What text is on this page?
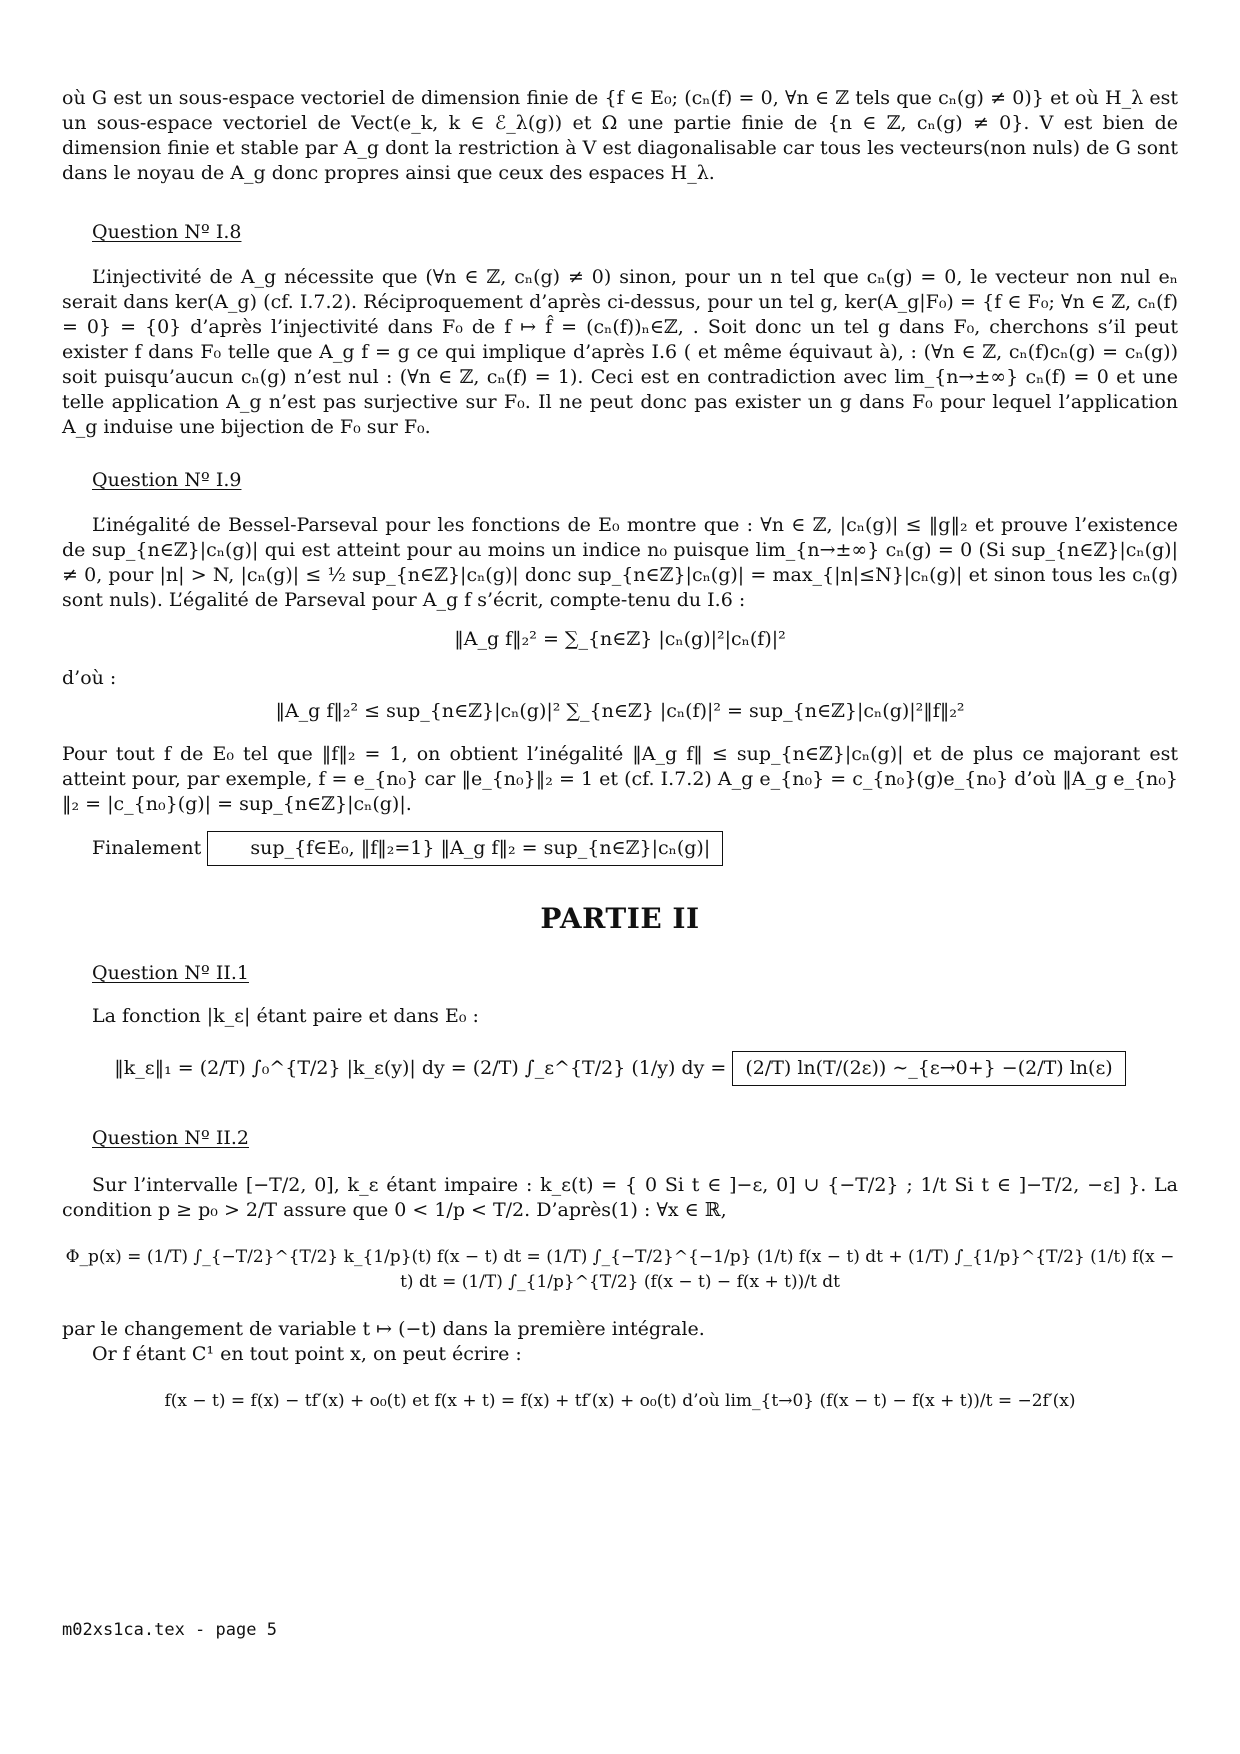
où G est un sous-espace vectoriel de dimension finie de {f ∈ E₀; (cₙ(f) = 0, ∀n ∈ ℤ tels que cₙ(g) ≠ 0)} et où H_λ est un sous-espace vectoriel de Vect(e_k, k ∈ ℰ_λ(g)) et Ω une partie finie de {n ∈ ℤ, cₙ(g) ≠ 0}. V est bien de dimension finie et stable par A_g dont la restriction à V est diagonalisable car tous les vecteurs(non nuls) de G sont dans le noyau de A_g donc propres ainsi que ceux des espaces H_λ.

Question Nº I.8

L’injectivité de A_g nécessite que (∀n ∈ ℤ, cₙ(g) ≠ 0) sinon, pour un n tel que cₙ(g) = 0, le vecteur non nul eₙ serait dans ker(A_g) (cf. I.7.2). Réciproquement d’après ci-dessus, pour un tel g, ker(A_g|F₀) = {f ∈ F₀; ∀n ∈ ℤ, cₙ(f) = 0} = {0} d’après l’injectivité dans F₀ de f ↦ f̂ = (cₙ(f))ₙ∈ℤ, . Soit donc un tel g dans F₀, cherchons s’il peut exister f dans F₀ telle que A_g f = g ce qui implique d’après I.6 ( et même équivaut à), : (∀n ∈ ℤ, cₙ(f)cₙ(g) = cₙ(g)) soit puisqu’aucun cₙ(g) n’est nul : (∀n ∈ ℤ, cₙ(f) = 1). Ceci est en contradiction avec lim_{n→±∞} cₙ(f) = 0 et une telle application A_g n’est pas surjective sur F₀. Il ne peut donc pas exister un g dans F₀ pour lequel l’application A_g induise une bijection de F₀ sur F₀.

Question Nº I.9

L’inégalité de Bessel-Parseval pour les fonctions de E₀ montre que : ∀n ∈ ℤ, |cₙ(g)| ≤ ‖g‖₂ et prouve l’existence de sup_{n∈ℤ}|cₙ(g)| qui est atteint pour au moins un indice n₀ puisque lim_{n→±∞} cₙ(g) = 0 (Si sup_{n∈ℤ}|cₙ(g)| ≠ 0, pour |n| > N, |cₙ(g)| ≤ ½ sup_{n∈ℤ}|cₙ(g)| donc sup_{n∈ℤ}|cₙ(g)| = max_{|n|≤N}|cₙ(g)| et sinon tous les cₙ(g) sont nuls). L’égalité de Parseval pour A_g f s’écrit, compte-tenu du I.6 :

‖A_g f‖₂² = ∑_{n∈ℤ} |cₙ(g)|²|cₙ(f)|²

d’où :

‖A_g f‖₂² ≤ sup_{n∈ℤ}|cₙ(g)|² ∑_{n∈ℤ} |cₙ(f)|² = sup_{n∈ℤ}|cₙ(g)|²‖f‖₂²

Pour tout f de E₀ tel que ‖f‖₂ = 1, on obtient l’inégalité ‖A_g f‖ ≤ sup_{n∈ℤ}|cₙ(g)| et de plus ce majorant est atteint pour, par exemple, f = e_{n₀} car ‖e_{n₀}‖₂ = 1 et (cf. I.7.2) A_g e_{n₀} = c_{n₀}(g)e_{n₀} d’où ‖A_g e_{n₀}‖₂ = |c_{n₀}(g)| = sup_{n∈ℤ}|cₙ(g)|.

Finalement	sup_{f∈E₀, ‖f‖₂=1} ‖A_g f‖₂ = sup_{n∈ℤ}|cₙ(g)|

PARTIE II

Question Nº II.1

La fonction |k_ε| étant paire et dans E₀ :

‖k_ε‖₁ = (2/T) ∫₀^{T/2} |k_ε(y)| dy = (2/T) ∫_ε^{T/2} (1/y) dy = (2/T) ln(T/(2ε)) ∼_{ε→0+} −(2/T) ln(ε)

Question Nº II.2

Sur l’intervalle [−T/2, 0], k_ε étant impaire : k_ε(t) = { 0 Si t ∈ ]−ε, 0] ∪ {−T/2} ; 1/t Si t ∈ ]−T/2, −ε] }. La condition p ≥ p₀ > 2/T assure que 0 < 1/p < T/2. D’après(1) : ∀x ∈ ℝ,

Φ_p(x) = (1/T) ∫_{−T/2}^{T/2} k_{1/p}(t) f(x − t) dt = (1/T) ∫_{−T/2}^{−1/p} (1/t) f(x − t) dt + (1/T) ∫_{1/p}^{T/2} (1/t) f(x − t) dt = (1/T) ∫_{1/p}^{T/2} (f(x − t) − f(x + t))/t dt

par le changement de variable t ↦ (−t) dans la première intégrale.

Or f étant C¹ en tout point x, on peut écrire :

f(x − t) = f(x) − tf′(x) + o₀(t) et f(x + t) = f(x) + tf′(x) + o₀(t) d’où lim_{t→0} (f(x − t) − f(x + t))/t = −2f′(x)

m02xs1ca.tex - page 5
